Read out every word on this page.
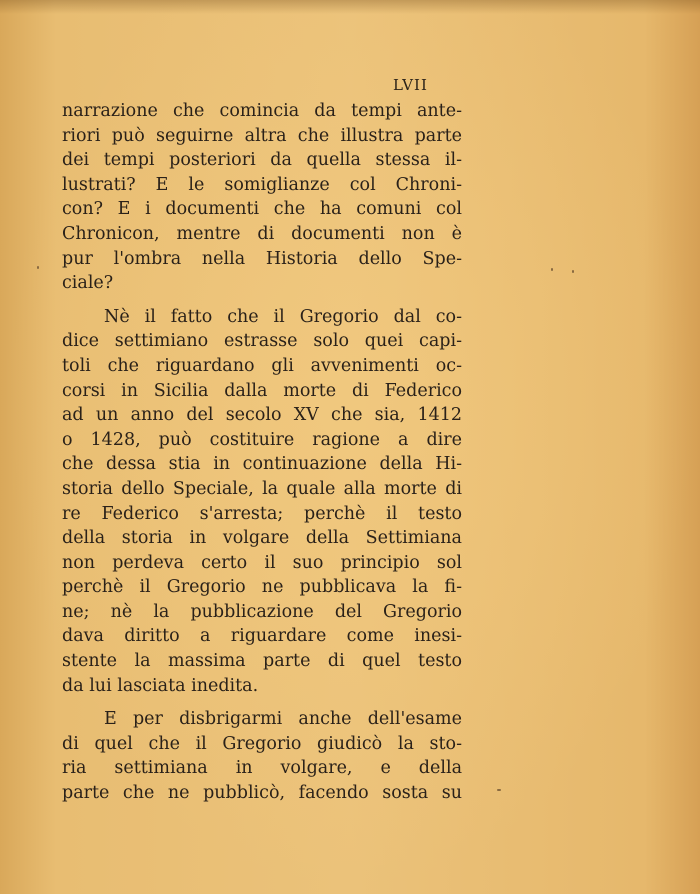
LVII
narrazione che comincia da tempi ante-
riori può seguirne altra che illustra parte
dei tempi posteriori da quella stessa il-
lustrati? E le somiglianze col Chroni-
con? E i documenti che ha comuni col
Chronicon, mentre di documenti non è
pur l'ombra nella Historia dello Spe-
ciale?
Nè il fatto che il Gregorio dal co-
dice settimiano estrasse solo quei capi-
toli che riguardano gli avvenimenti oc-
corsi in Sicilia dalla morte di Federico
ad un anno del secolo XV che sia, 1412
o 1428, può costituire ragione a dire
che dessa stia in continuazione della Hi-
storia dello Speciale, la quale alla morte di
re Federico s'arresta; perchè il testo
della storia in volgare della Settimiana
non perdeva certo il suo principio sol
perchè il Gregorio ne pubblicava la fi-
ne; nè la pubblicazione del Gregorio
dava diritto a riguardare come inesi-
stente la massima parte di quel testo
da lui lasciata inedita.
E per disbrigarmi anche dell'esame
di quel che il Gregorio giudicò la sto-
ria settimiana in volgare, e della
parte che ne pubblicò, facendo sosta su
